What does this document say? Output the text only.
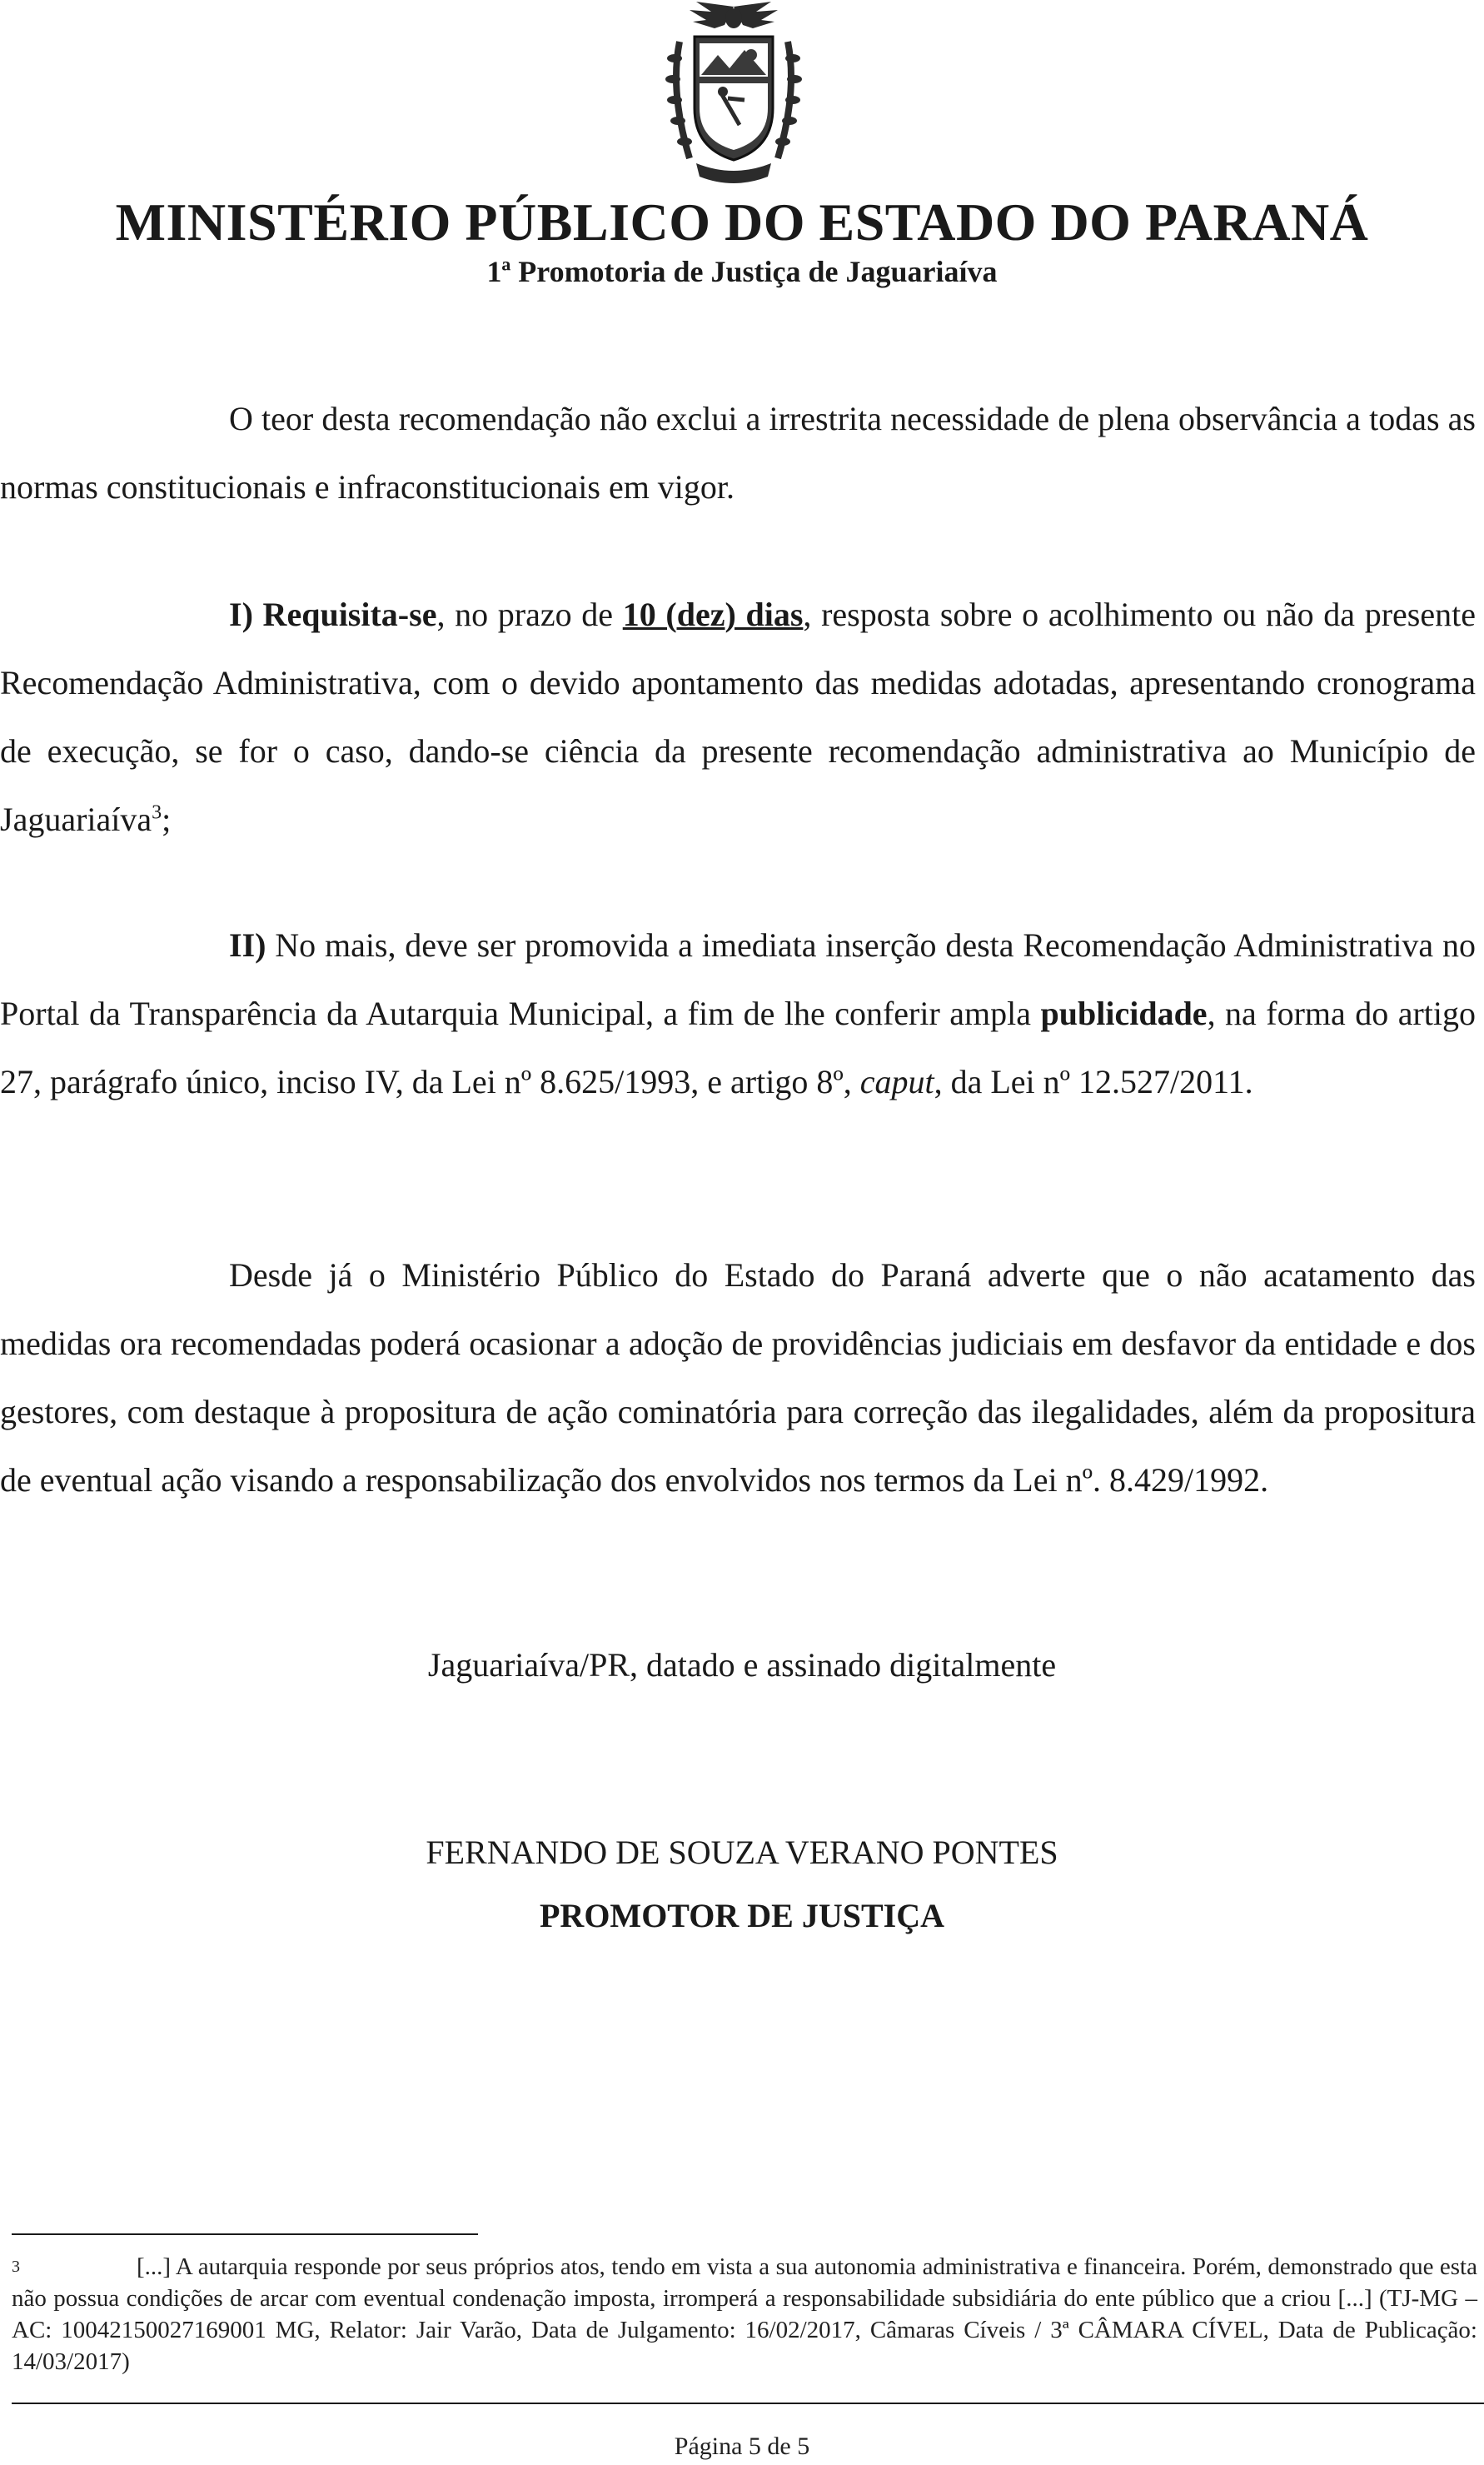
MINISTÉRIO PÚBLICO DO ESTADO DO PARANÁ

1ª Promotoria de Justiça de Jaguariaíva

O teor desta recomendação não exclui a irrestrita necessidade de plena observância a todas as normas constitucionais e infraconstitucionais em vigor.

I) Requisita-se, no prazo de 10 (dez) dias, resposta sobre o acolhimento ou não da presente Recomendação Administrativa, com o devido apontamento das medidas adotadas, apresentando cronograma de execução, se for o caso, dando-se ciência da presente recomendação administrativa ao Município de Jaguariaíva$^3$;

II) No mais, deve ser promovida a imediata inserção desta Recomendação Administrativa no Portal da Transparência da Autarquia Municipal, a fim de lhe conferir ampla publicidade, na forma do artigo 27, parágrafo único, inciso IV, da Lei nº 8.625/1993, e artigo 8º, caput, da Lei nº 12.527/2011.

Desde já o Ministério Público do Estado do Paraná adverte que o não acatamento das medidas ora recomendadas poderá ocasionar a adoção de providências judiciais em desfavor da entidade e dos gestores, com destaque à propositura de ação cominatória para correção das ilegalidades, além da propositura de eventual ação visando a responsabilização dos envolvidos nos termos da Lei nº. 8.429/1992.

Jaguariaíva/PR, datado e assinado digitalmente

FERNANDO DE SOUZA VERANO PONTES

PROMOTOR DE JUSTIÇA

3	[...] A autarquia responde por seus próprios atos, tendo em vista a sua autonomia administrativa e financeira. Porém, demonstrado que esta não possua condições de arcar com eventual condenação imposta, irromperá a responsabilidade subsidiária do ente público que a criou [...] (TJ-MG – AC: 10042150027169001 MG, Relator: Jair Varão, Data de Julgamento: 16/02/2017, Câmaras Cíveis / 3ª CÂMARA CÍVEL, Data de Publicação: 14/03/2017)

Página 5 de 5
